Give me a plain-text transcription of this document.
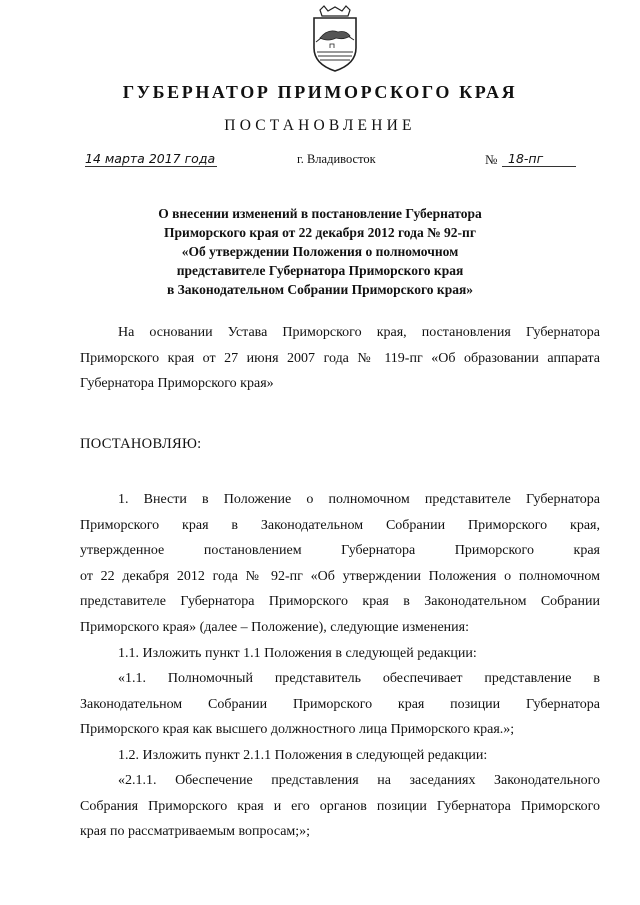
ГУБЕРНАТОР ПРИМОРСКОГО КРАЯ
ПОСТАНОВЛЕНИЕ
14 марта 2017 года	г. Владивосток	№ 18-пг
О внесении изменений в постановление Губернатора
Приморского края от 22 декабря 2012 года № 92-пг
«Об утверждении Положения о полномочном
представителе Губернатора Приморского края
в Законодательном Собрании Приморского края»
На основании Устава Приморского края, постановления Губернатора
Приморского края от 27 июня 2007 года № 119-пг «Об образовании аппарата
Губернатора Приморского края»
ПОСТАНОВЛЯЮ:
1. Внести в Положение о полномочном представителе Губернатора
Приморского края в Законодательном Собрании Приморского края,
утвержденное постановлением Губернатора Приморского края
от 22 декабря 2012 года № 92-пг «Об утверждении Положения о полномочном
представителе Губернатора Приморского края в Законодательном Собрании
Приморского края» (далее – Положение), следующие изменения:
1.1. Изложить пункт 1.1 Положения в следующей редакции:
«1.1. Полномочный представитель обеспечивает представление в
Законодательном Собрании Приморского края позиции Губернатора
Приморского края как высшего должностного лица Приморского края.»;
1.2. Изложить пункт 2.1.1 Положения в следующей редакции:
«2.1.1. Обеспечение представления на заседаниях Законодательного
Собрания Приморского края и его органов позиции Губернатора Приморского
края по рассматриваемым вопросам;»;
